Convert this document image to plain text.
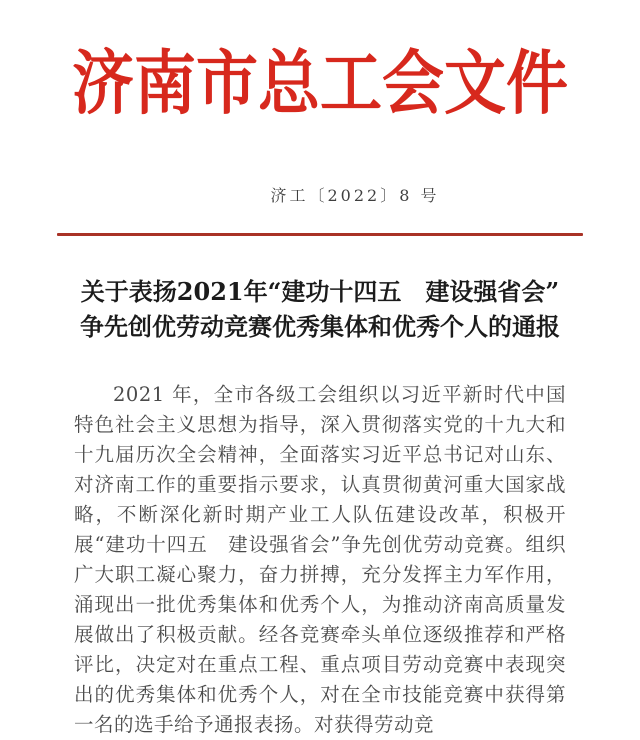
济南市总工会文件
济工〔2022〕8 号
关于表扬2021年“建功十四五　建设强省会”
争先创优劳动竞赛优秀集体和优秀个人的通报

2021 年，全市各级工会组织以习近平新时代中国特色社会主义思想为指导，深入贯彻落实党的十九大和十九届历次全会精神，全面落实习近平总书记对山东、对济南工作的重要指示要求，认真贯彻黄河重大国家战略，不断深化新时期产业工人队伍建设改革，积极开展“建功十四五　建设强省会”争先创优劳动竞赛。组织广大职工凝心聚力，奋力拼搏，充分发挥主力军作用，涌现出一批优秀集体和优秀个人，为推动济南高质量发展做出了积极贡献。经各竞赛牵头单位逐级推荐和严格评比，决定对在重点工程、重点项目劳动竞赛中表现突出的优秀集体和优秀个人，对在全市技能竞赛中获得第一名的选手给予通报表扬。对获得劳动竞
